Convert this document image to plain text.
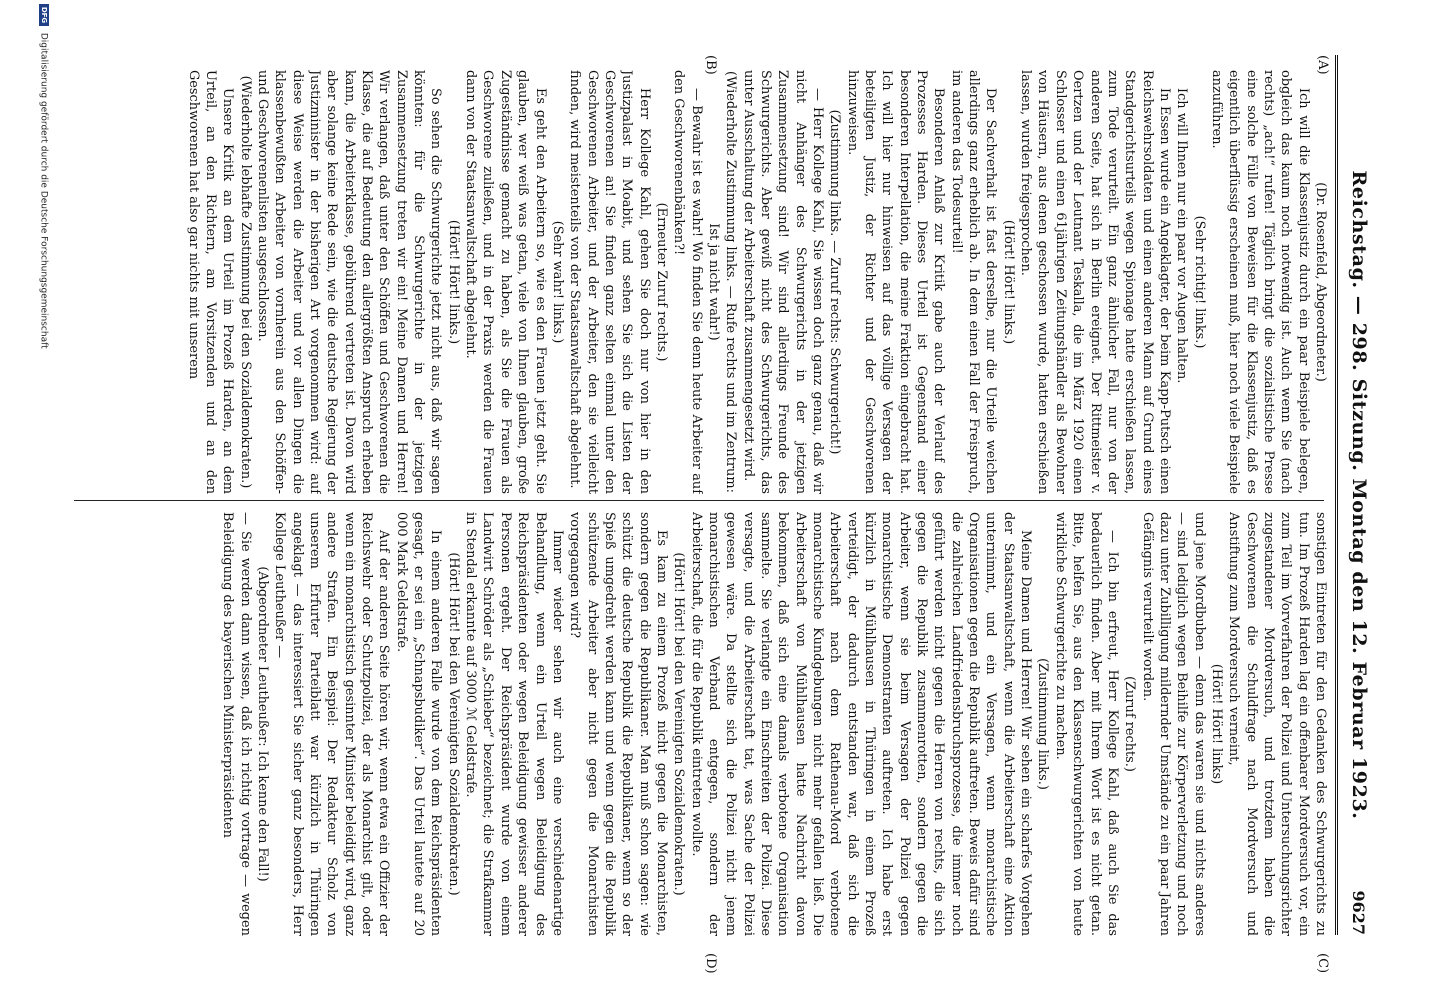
Reichstag. — 298. Sitzung. Montag den 12. Februar 1923.
9627
(A)
(B)
(C)
(D)

(Dr. Rosenfeld, Abgeordneter.)

Ich will die Klassenjustiz durch ein paar Beispiele belegen, obgleich das kaum noch notwendig ist. Auch wenn Sie (nach rechts) „ach!“ rufen! Täglich bringt die sozialistische Presse eine solche Fülle von Beweisen für die Klassenjustiz, daß es eigentlich überflüssig erscheinen muß, hier noch viele Beispiele anzuführen.

(Sehr richtig! links.)

Ich will Ihnen nur ein paar vor Augen halten.

In Essen wurde ein Angeklagter, der beim Kapp-Putsch einen Reichswehrsoldaten und einen anderen Mann auf Grund eines Standgerichtsurteils wegen Spionage hatte erschießen lassen, zum Tode verurteilt. Ein ganz ähnlicher Fall, nur von der anderen Seite, hat sich in Berlin ereignet. Der Rittmeister v. Oertzen und der Leutnant Teskalla, die im März 1920 einen Schlosser und einen 61jährigen Zeitungshändler als Bewohner von Häusern, aus denen geschossen wurde, hatten erschießen lassen, wurden freigesprochen.

(Hört! Hört! links.)

Der Sachverhalt ist fast derselbe, nur die Urteile weichen allerdings ganz erheblich ab. In dem einen Fall der Freispruch, im anderen das Todesurteil!

Besonderen Anlaß zur Kritik gabe auch der Verlauf des Prozesses Harden. Dieses Urteil ist Gegenstand einer besonderen Interpellation, die meine Fraktion eingebracht hat. Ich will hier nur hinweisen auf das völlige Versagen der beteiligten Justiz, der Richter und der Geschworenen hinzuweisen.

(Zustimmung links. — Zuruf rechts: Schwurgericht!)

— Herr Kollege Kahl, Sie wissen doch ganz genau, daß wir nicht Anhänger des Schwurgerichts in der jetzigen Zusammensetzung sind! Wir sind allerdings Freunde des Schwurgerichts. Aber gewiß nicht des Schwurgerichts, das unter Ausschaltung der Arbeiterschaft zusammengesetzt wird.

(Wiederholte Zustimmung links. — Rufe rechts und im Zentrum: Ist ja nicht wahr!)

— Bewahr ist es wahr! Wo finden Sie denn heute Arbeiter auf den Geschworenenbänken?!

(Erneuter Zuruf rechts.)

Herr Kollege Kahl, gehen Sie doch nur von hier in den Justizpalast in Moabit, und sehen Sie sich die Listen der Geschworenen an! Sie finden ganz selten einmal unter den Geschworenen Arbeiter, und der Arbeiter, den sie vielleicht finden, wird meistenteils von der Staatsanwaltschaft abgelehnt.

(Sehr wahr! links.)

Es geht den Arbeitern so, wie es den Frauen jetzt geht. Sie glauben, wer weiß was getan, viele von Ihnen glauben, große Zugeständnisse gemacht zu haben, als Sie die Frauen als Geschworene zuließen, und in der Praxis werden die Frauen dann von der Staatsanwaltschaft abgelehnt.

(Hört! Hört! links.)

So sehen die Schwurgerichte jetzt nicht aus, daß wir sagen könnten: für die Schwurgerichte in der jetzigen Zusammensetzung treten wir ein! Meine Damen und Herren! Wir verlangen, daß unter den Schöffen und Geschworenen die Klasse, die auf Bedeutung den allergrößten Anspruch erheben kann, die Arbeiterklasse, gebührend vertreten ist. Davon wird aber solange keine Rede sein, wie die deutsche Regierung der Justizminister in der bisherigen Art vorgenommen wird: auf diese Weise werden die Arbeiter und vor allen Dingen die klassenbewußten Arbeiter von vornherein aus den Schöffen- und Geschworenenlisten ausgeschlossen.

(Wiederholte lebhafte Zustimmung bei den Sozialdemokraten.)

Unsere Kritik an dem Urteil im Prozeß Harden, an dem Urteil, an den Richtern, am Vorsitzenden und an den Geschworenen hat also gar nichts mit unserem

sonstigen Eintreten für den Gedanken des Schwurgerichts zu tun. Im Prozeß Harden lag ein offenbarer Mordversuch vor, ein zum Teil im Vorverfahren der Polizei und Untersuchungsrichter zugestandener Mordversuch, und trotzdem haben die Geschworenen die Schuldfrage nach Mordversuch und Anstiftung zum Mordversuch verneint,

(Hört! Hört! links)

und jene Mordbuben — denn das waren sie und nichts anderes — sind lediglich wegen Beihilfe zur Körperverletzung und noch dazu unter Zubilligung mildernder Umstände zu ein paar Jahren Gefängnis verurteilt worden.

(Zuruf rechts.)

— Ich bin erfreut, Herr Kollege Kahl, daß auch Sie das bedauerlich finden. Aber mit Ihrem Wort ist es nicht getan. Bitte, helfen Sie, aus den Klassenschwurgerichten von heute wirkliche Schwurgerichte zu machen.

(Zustimmung links.)

Meine Damen und Herren! Wir sehen ein scharfes Vorgehen der Staatsanwaltschaft, wenn die Arbeiterschaft eine Aktion unternimmt, und ein Versagen, wenn monarchistische Organisationen gegen die Republik auftreten. Beweis dafür sind die zahlreichen Landfriedensbruchsprozesse, die immer noch geführt werden nicht gegen die Herren von rechts, die sich gegen die Republik zusammenrotten, sondern gegen die Arbeiter, wenn sie beim Versagen der Polizei gegen monarchistische Demonstranten auftreten. Ich habe erst kürzlich in Mühlhausen in Thüringen in einem Prozeß verteidigt, der dadurch entstanden war, daß sich die Arbeiterschaft nach dem Rathenau-Mord verbotene monarchistische Kundgebungen nicht mehr gefallen ließ. Die Arbeiterschaft von Mühlhausen hatte Nachricht davon bekommen, daß sich eine damals verbotene Organisation sammelte. Sie verlangte ein Einschreiten der Polizei. Diese versagte, und die Arbeiterschaft tat, was Sache der Polizei gewesen wäre. Da stellte sich die Polizei nicht jenem monarchistischen Verband entgegen, sondern der Arbeiterschaft, die für die Republik eintreten wollte.

(Hört! Hört! bei den Vereinigten Sozialdemokraten.)

Es kam zu einem Prozeß nicht gegen die Monarchisten, sondern gegen die Republikaner. Man muß schon sagen: wie schützt die deutsche Republik die Republikaner, wenn so der Spieß umgedreht werden kann und wenn gegen die Republik schützende Arbeiter aber nicht gegen die Monarchisten vorgegangen wird?

Immer wieder sehen wir auch eine verschiedenartige Behandlung, wenn ein Urteil wegen Beleidigung des Reichspräsidenten oder wegen Beleidigung gewisser anderer Personen ergeht. Der Reichspräsident wurde von einem Landwirt Schröder als „Schieber“ bezeichnet; die Strafkammer in Stendal erkannte auf 3000 ℳ Geldstrafe.

(Hört! Hört! bei den Vereinigten Sozialdemokraten.)

In einem anderen Falle wurde von dem Reichspräsidenten gesagt, er sei ein „Schnapsbudiker“. Das Urteil lautete auf 20 000 Mark Geldstrafe.

Auf der anderen Seite hören wir, wenn etwa ein Offizier der Reichswehr oder Schutzpolizei, der als Monarchist gilt, oder wenn ein monarchistisch gesinnter Minister beleidigt wird, ganz andere Strafen. Ein Beispiel: Der Redakteur Scholz von unserem Erfurter Parteiblatt war kürzlich in Thüringen angeklagt — das interessiert Sie sicher ganz besonders, Herr Kollege Leutheußer —

(Abgeordneter Leutheußer: Ich kenne den Fall!)

— Sie werden dann wissen, daß ich richtig vortrage — wegen Beleidigung des bayerischen Ministerpräsidenten

DFG Digitalisierung gefördert durch die Deutsche Forschungsgemeinschaft
